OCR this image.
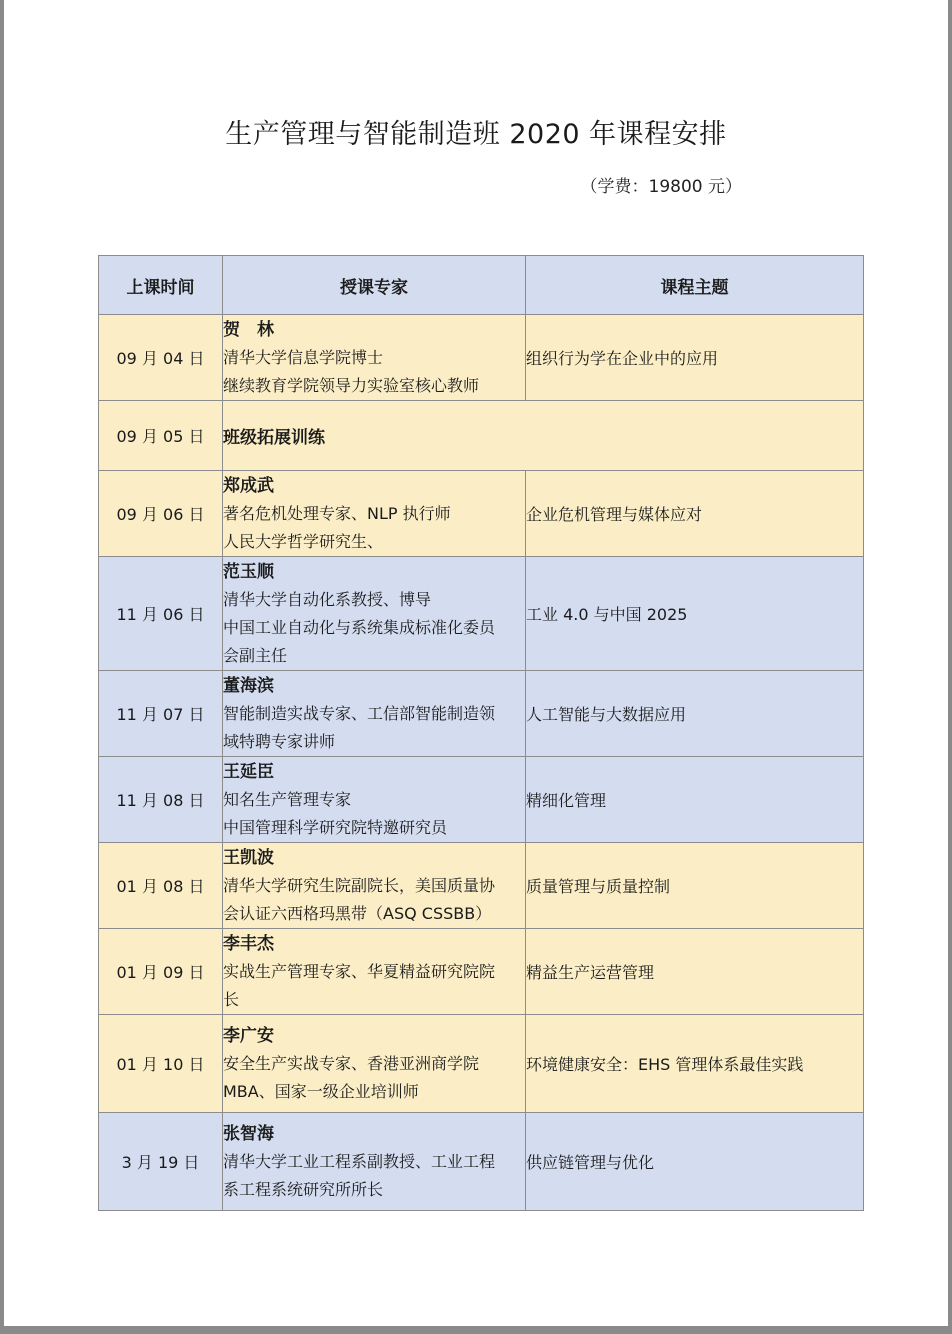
生产管理与智能制造班 2020 年课程安排
（学费：19800 元）
上课时间	授课专家	课程主题
09 月 04 日	贺　林
清华大学信息学院博士
继续教育学院领导力实验室核心教师	组织行为学在企业中的应用
09 月 05 日	班级拓展训练	
09 月 06 日	郑成武
著名危机处理专家、NLP 执行师
人民大学哲学研究生、	企业危机管理与媒体应对
11 月 06 日	范玉顺
清华大学自动化系教授、博导
中国工业自动化与系统集成标准化委员
会副主任	工业 4.0 与中国 2025
11 月 07 日	董海滨
智能制造实战专家、工信部智能制造领
域特聘专家讲师	人工智能与大数据应用
11 月 08 日	王延臣
知名生产管理专家
中国管理科学研究院特邀研究员	精细化管理
01 月 08 日	王凯波
清华大学研究生院副院长，美国质量协
会认证六西格玛黑带（ASQ CSSBB）	质量管理与质量控制
01 月 09 日	李丰杰
实战生产管理专家、华夏精益研究院院
长	精益生产运营管理
01 月 10 日	李广安
安全生产实战专家、香港亚洲商学院
MBA、国家一级企业培训师	环境健康安全：EHS 管理体系最佳实践
3 月 19 日	张智海
清华大学工业工程系副教授、工业工程
系工程系统研究所所长	供应链管理与优化
